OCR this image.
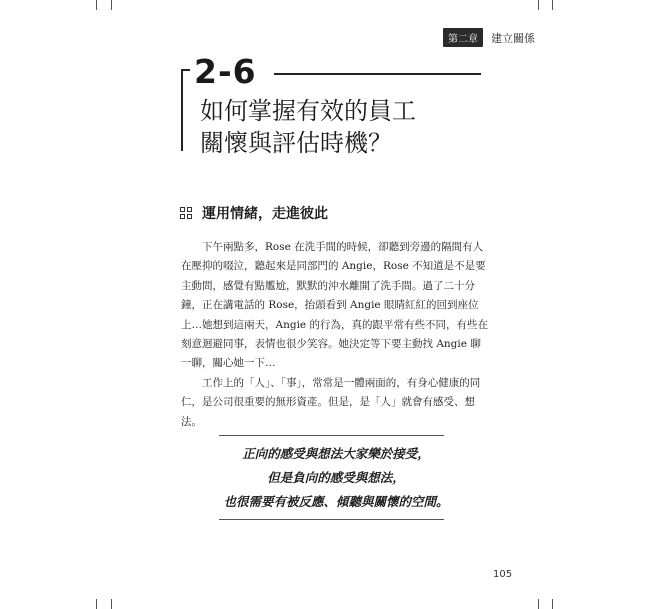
第二章	建立關係
2-6
如何掌握有效的員工
關懷與評估時機？
運用情緒，走進彼此

下午兩點多，Rose 在洗手間的時候，卻聽到旁邊的隔間有人在壓抑的啜泣，聽起來是同部門的 Angie，Rose 不知道是不是要主動問，感覺有點尷尬，默默的沖水離開了洗手間。過了二十分鐘，正在講電話的 Rose，抬頭看到 Angie 眼睛紅紅的回到座位上…她想到這兩天，Angie 的行為，真的跟平常有些不同，有些在刻意迴避同事，表情也很少笑容。她決定等下要主動找 Angie 聊一聊，關心她一下…

工作上的「人」、「事」，常常是一體兩面的，有身心健康的同仁，是公司很重要的無形資產。但是，是「人」就會有感受、想法。

正向的感受與想法大家樂於接受，
但是負向的感受與想法，
也很需要有被反應、傾聽與關懷的空間。
105
